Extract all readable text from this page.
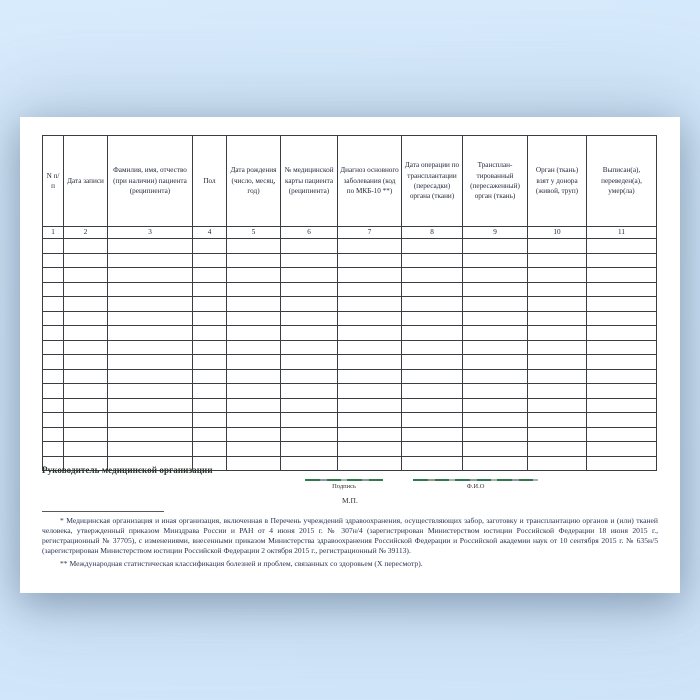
N п/п	Дата записи	Фамилия, имя, отчество (при наличии) пациента (реципиента)	Пол	Дата рождения (число, месяц, год)	№ медицинской карты пациента (реципиента)	Диагноз основного заболевания (код по МКБ-10 **)	Дата операции по трансплантации (пересадки) органа (ткани)	Трансплан-тированный (пересаженный) орган (ткань)	Орган (ткань) взят у донора (живой, труп)	Выписан(а), переведен(а), умер(ла)
1	2	3	4	5	6	7	8	9	10	11

Руководитель медицинской организации
Подпись	Ф.И.О
М.П.

* Медицинская организация и иная организация, включенная в Перечень учреждений здравоохранения, осуществляющих забор, заготовку и трансплантацию органов и (или) тканей человека, утвержденный приказом Минздрава России и РАН от 4 июня 2015 г. № 307н/4 (зарегистрирован Министерством юстиции Российской Федерации 18 июня 2015 г., регистрационный № 37705), с изменениями, внесенными приказом Министерства здравоохранения Российской Федерации и Российской академии наук от 10 сентября 2015 г. № 635н/5 (зарегистрирован Министерством юстиции Российской Федерации 2 октября 2015 г., регистрационный № 39113).

** Международная статистическая классификация болезней и проблем, связанных со здоровьем (X пересмотр).
